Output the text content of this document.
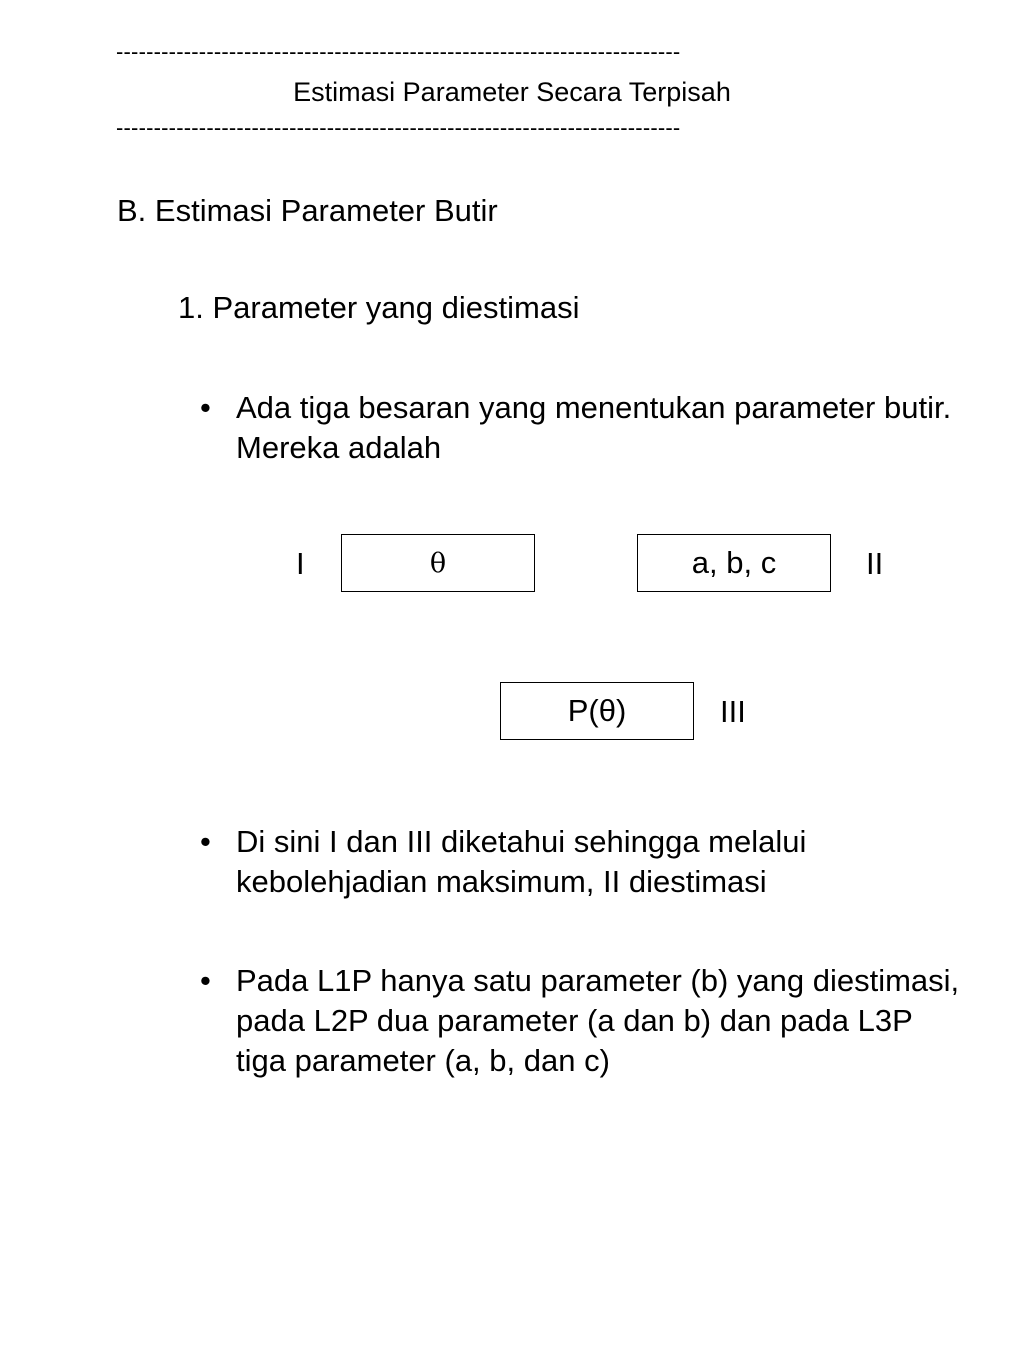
---------------------------------------------------------------------------
Estimasi Parameter Secara Terpisah
---------------------------------------------------------------------------
B. Estimasi Parameter Butir
1. Parameter yang diestimasi
• Ada tiga besaran yang menentukan parameter butir. Mereka adalah
I	θ	a, b, c	II
P(θ)	III
• Di sini I dan III diketahui sehingga melalui kebolehjadian maksimum, II diestimasi
• Pada L1P hanya satu parameter (b) yang diestimasi, pada L2P dua parameter (a dan b) dan pada L3P tiga parameter (a, b, dan c)
